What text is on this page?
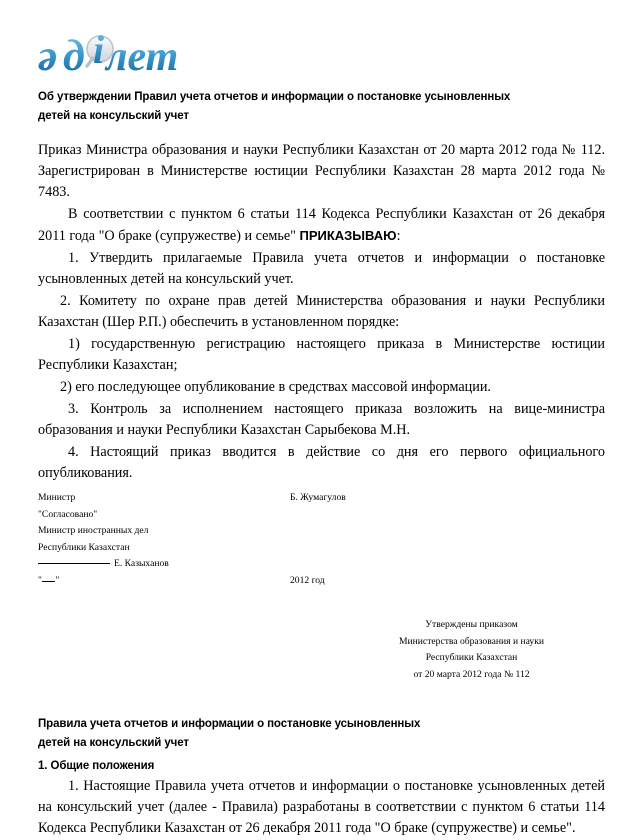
ә д i лет
Об утверждении Правил учета отчетов и информации о постановке усыновленных
детей на консульский учет

Приказ Министра образования и науки Республики Казахстан от 20 марта 2012 года № 112. Зарегистрирован в Министерстве юстиции Республики Казахстан 28 марта 2012 года № 7483.

В соответствии с пунктом 6 статьи 114 Кодекса Республики Казахстан от 26 декабря 2011 года "О браке (супружестве) и семье" ПРИКАЗЫВАЮ:

1. Утвердить прилагаемые Правила учета отчетов и информации о постановке усыновленных детей на консульский учет.

2. Комитету по охране прав детей Министерства образования и науки Республики Казахстан (Шер Р.П.) обеспечить в установленном порядке:

1) государственную регистрацию настоящего приказа в Министерстве юстиции Республики Казахстан;

2) его последующее опубликование в средствах массовой информации.

3. Контроль за исполнением настоящего приказа возложить на вице-министра образования и науки Республики Казахстан Сарыбекова М.Н.

4. Настоящий приказ вводится в действие со дня его первого официального опубликования.

Министр	Б. Жумагулов
"Согласовано"
Министр иностранных дел
Республики Казахстан
Е. Казыханов
" "	2012 год
Утверждены приказом
Министерства образования и науки
Республики Казахстан
от 20 марта 2012 года № 112
Правила учета отчетов и информации о постановке усыновленных
детей на консульский учет
1. Общие положения

1. Настоящие Правила учета отчетов и информации о постановке усыновленных детей на консульский учет (далее - Правила) разработаны в соответствии с пунктом 6 статьи 114 Кодекса Республики Казахстан от 26 декабря 2011 года "О браке (супружестве) и семье".
